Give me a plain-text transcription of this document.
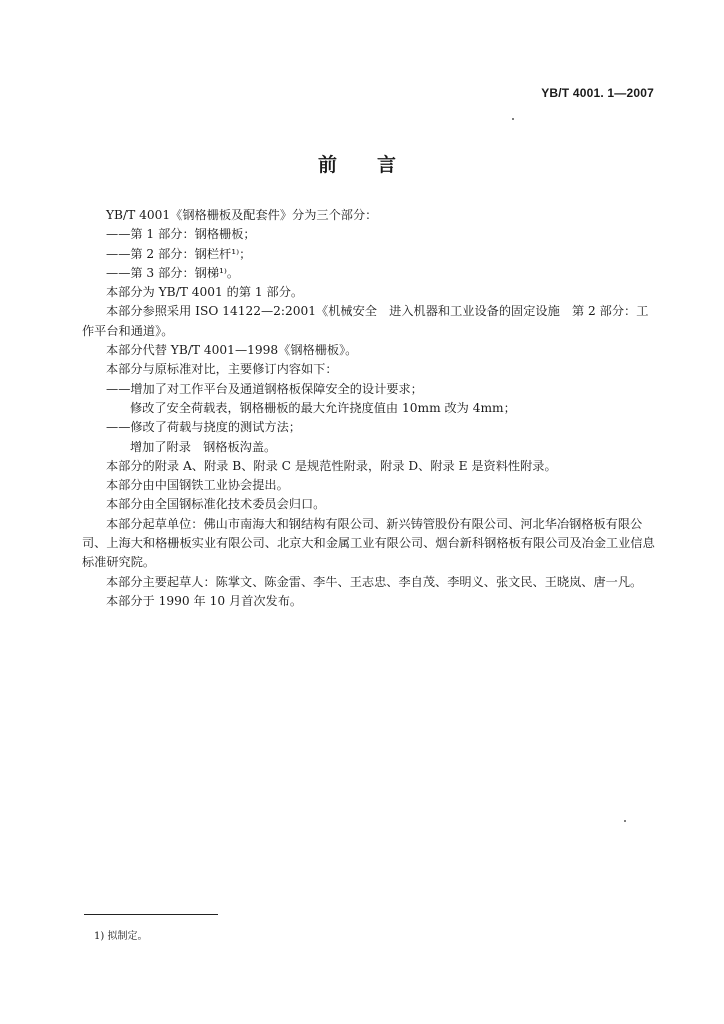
YB/T 4001. 1—2007
前言

YB/T 4001《钢格栅板及配套件》分为三个部分：

——第 1 部分：钢格栅板；

——第 2 部分：钢栏杆¹⁾；

——第 3 部分：钢梯¹⁾。

本部分为 YB/T 4001 的第 1 部分。

本部分参照采用 ISO 14122—2:2001《机械安全　进入机器和工业设备的固定设施　第 2 部分：工作平台和通道》。

本部分代替 YB/T 4001—1998《钢格栅板》。

本部分与原标准对比，主要修订内容如下：

——增加了对工作平台及通道钢格板保障安全的设计要求；

修改了安全荷载表，钢格栅板的最大允许挠度值由 10mm 改为 4mm；

——修改了荷载与挠度的测试方法；

增加了附录　钢格板沟盖。

本部分的附录 A、附录 B、附录 C 是规范性附录，附录 D、附录 E 是资料性附录。

本部分由中国钢铁工业协会提出。

本部分由全国钢标准化技术委员会归口。

本部分起草单位：佛山市南海大和钢结构有限公司、新兴铸管股份有限公司、河北华冶钢格板有限公司、上海大和格栅板实业有限公司、北京大和金属工业有限公司、烟台新科钢格板有限公司及冶金工业信息标准研究院。

本部分主要起草人：陈掌文、陈金雷、李牛、王志忠、李自茂、李明义、张文民、王晓岚、唐一凡。

本部分于 1990 年 10 月首次发布。

1) 拟制定。
